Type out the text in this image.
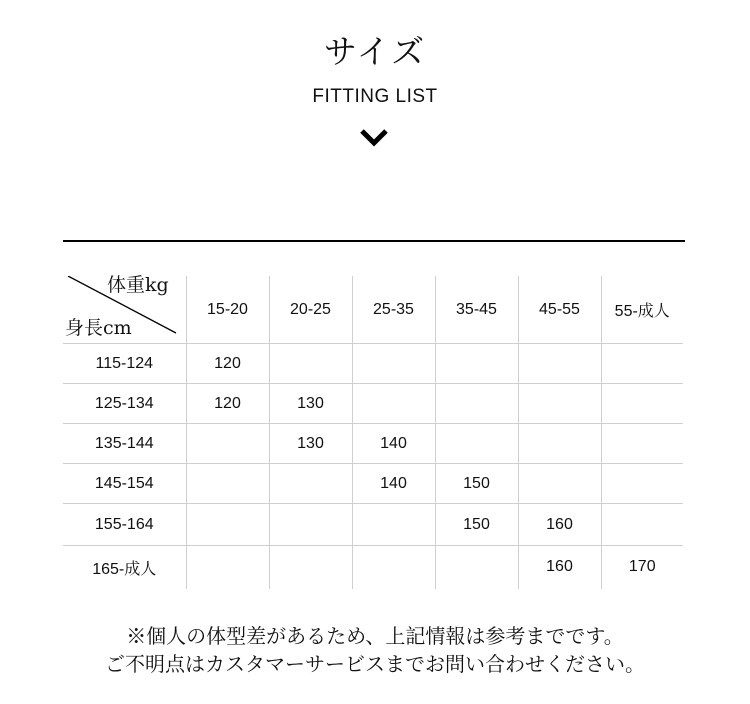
サイズ
FITTING LIST
体重kg
身長cm	15-20	20-25	25-35	35-45	45-55	55-成人
115-124	120					
125-134	120	130				
135-144		130	140			
145-154			140	150		
155-164				150	160	
165-成人					160	170
※個人の体型差があるため、上記情報は参考までです。
ご不明点はカスタマーサービスまでお問い合わせください。
